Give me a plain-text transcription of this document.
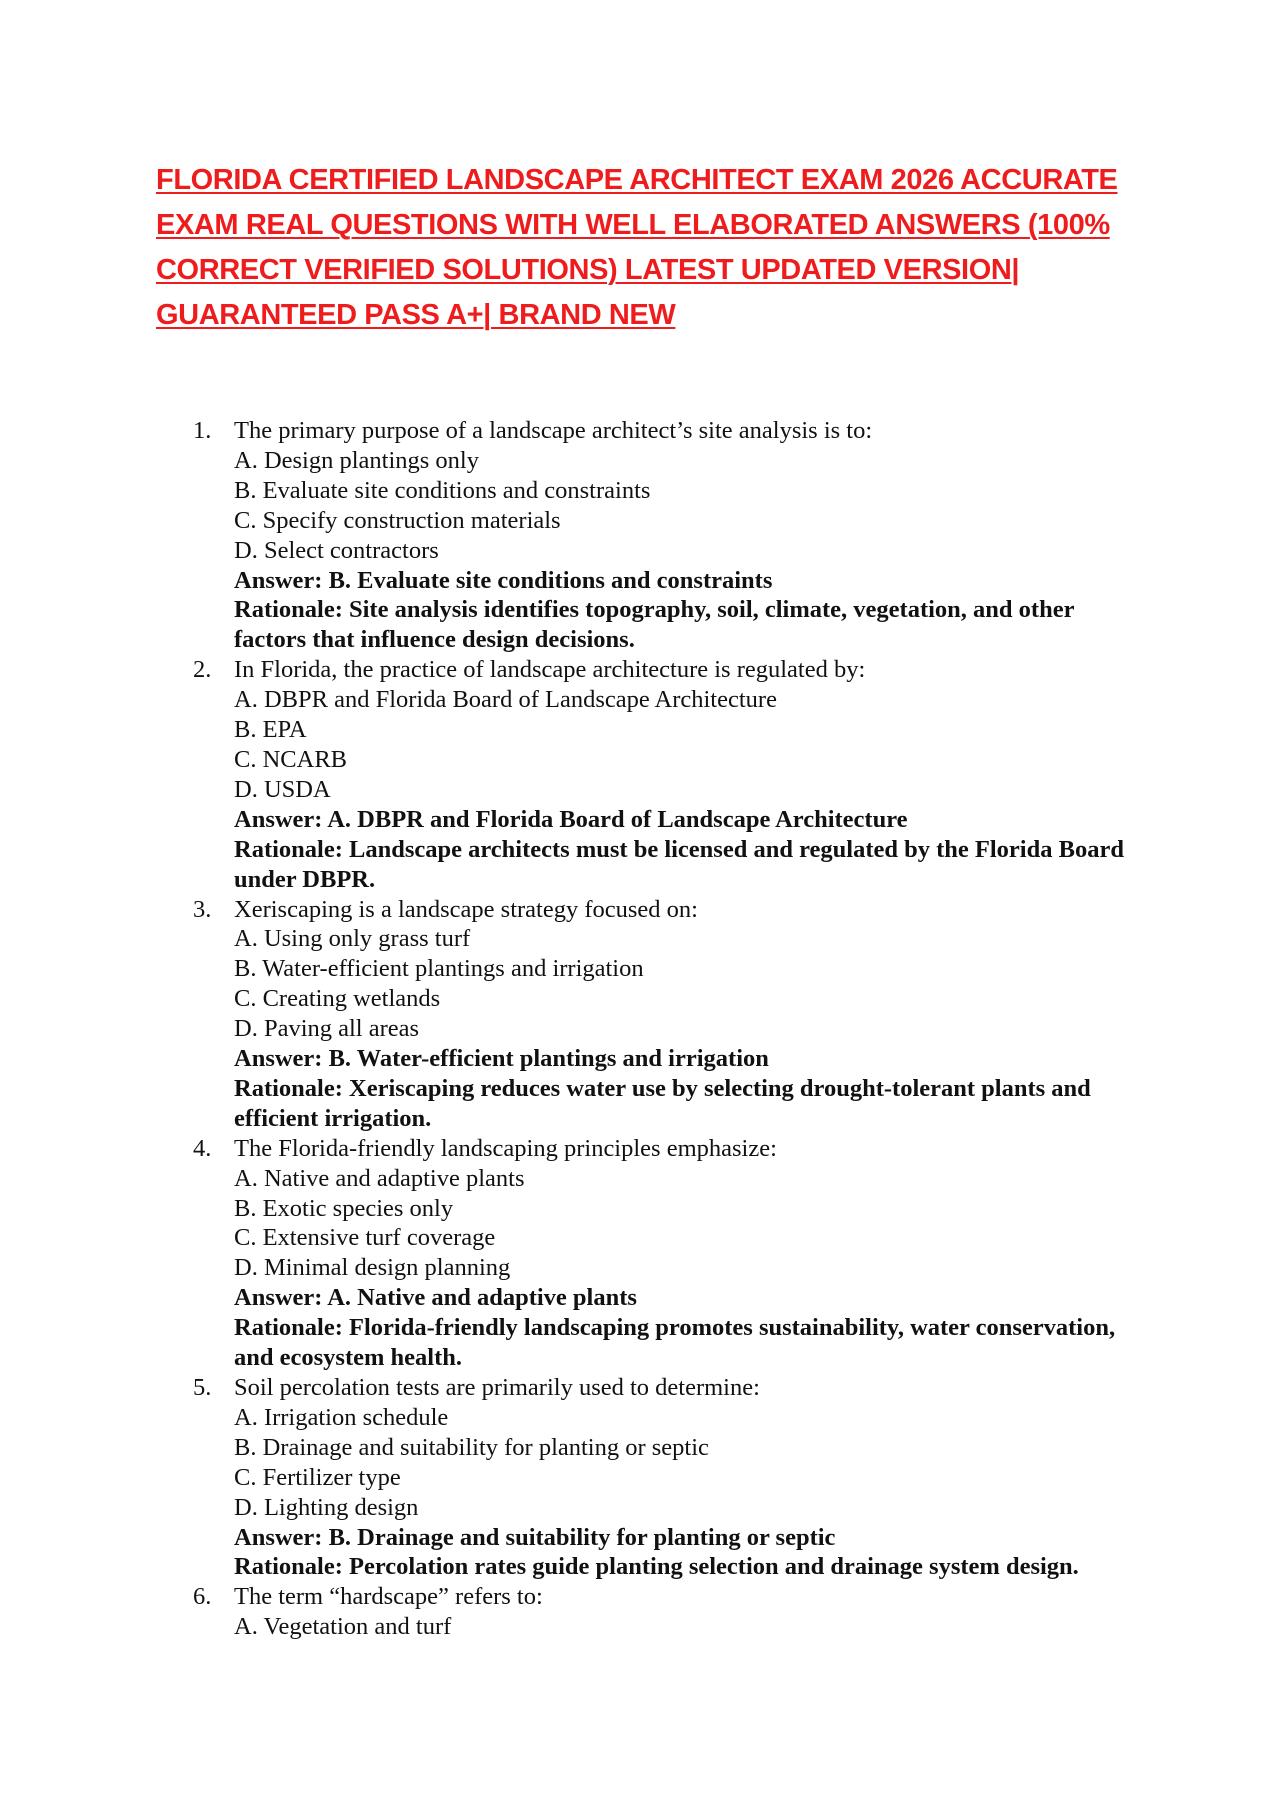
FLORIDA CERTIFIED LANDSCAPE ARCHITECT EXAM 2026 ACCURATE
EXAM REAL QUESTIONS WITH WELL ELABORATED ANSWERS (100%
CORRECT VERIFIED SOLUTIONS) LATEST UPDATED VERSION|
GUARANTEED PASS A+| BRAND NEW
1. The primary purpose of a landscape architect’s site analysis is to:
A. Design plantings only
B. Evaluate site conditions and constraints
C. Specify construction materials
D. Select contractors
Answer: B. Evaluate site conditions and constraints
Rationale: Site analysis identifies topography, soil, climate, vegetation, and other factors that influence design decisions.
2. In Florida, the practice of landscape architecture is regulated by:
A. DBPR and Florida Board of Landscape Architecture
B. EPA
C. NCARB
D. USDA
Answer: A. DBPR and Florida Board of Landscape Architecture
Rationale: Landscape architects must be licensed and regulated by the Florida Board under DBPR.
3. Xeriscaping is a landscape strategy focused on:
A. Using only grass turf
B. Water-efficient plantings and irrigation
C. Creating wetlands
D. Paving all areas
Answer: B. Water-efficient plantings and irrigation
Rationale: Xeriscaping reduces water use by selecting drought-tolerant plants and efficient irrigation.
4. The Florida-friendly landscaping principles emphasize:
A. Native and adaptive plants
B. Exotic species only
C. Extensive turf coverage
D. Minimal design planning
Answer: A. Native and adaptive plants
Rationale: Florida-friendly landscaping promotes sustainability, water conservation, and ecosystem health.
5. Soil percolation tests are primarily used to determine:
A. Irrigation schedule
B. Drainage and suitability for planting or septic
C. Fertilizer type
D. Lighting design
Answer: B. Drainage and suitability for planting or septic
Rationale: Percolation rates guide planting selection and drainage system design.
6. The term “hardscape” refers to:
A. Vegetation and turf
